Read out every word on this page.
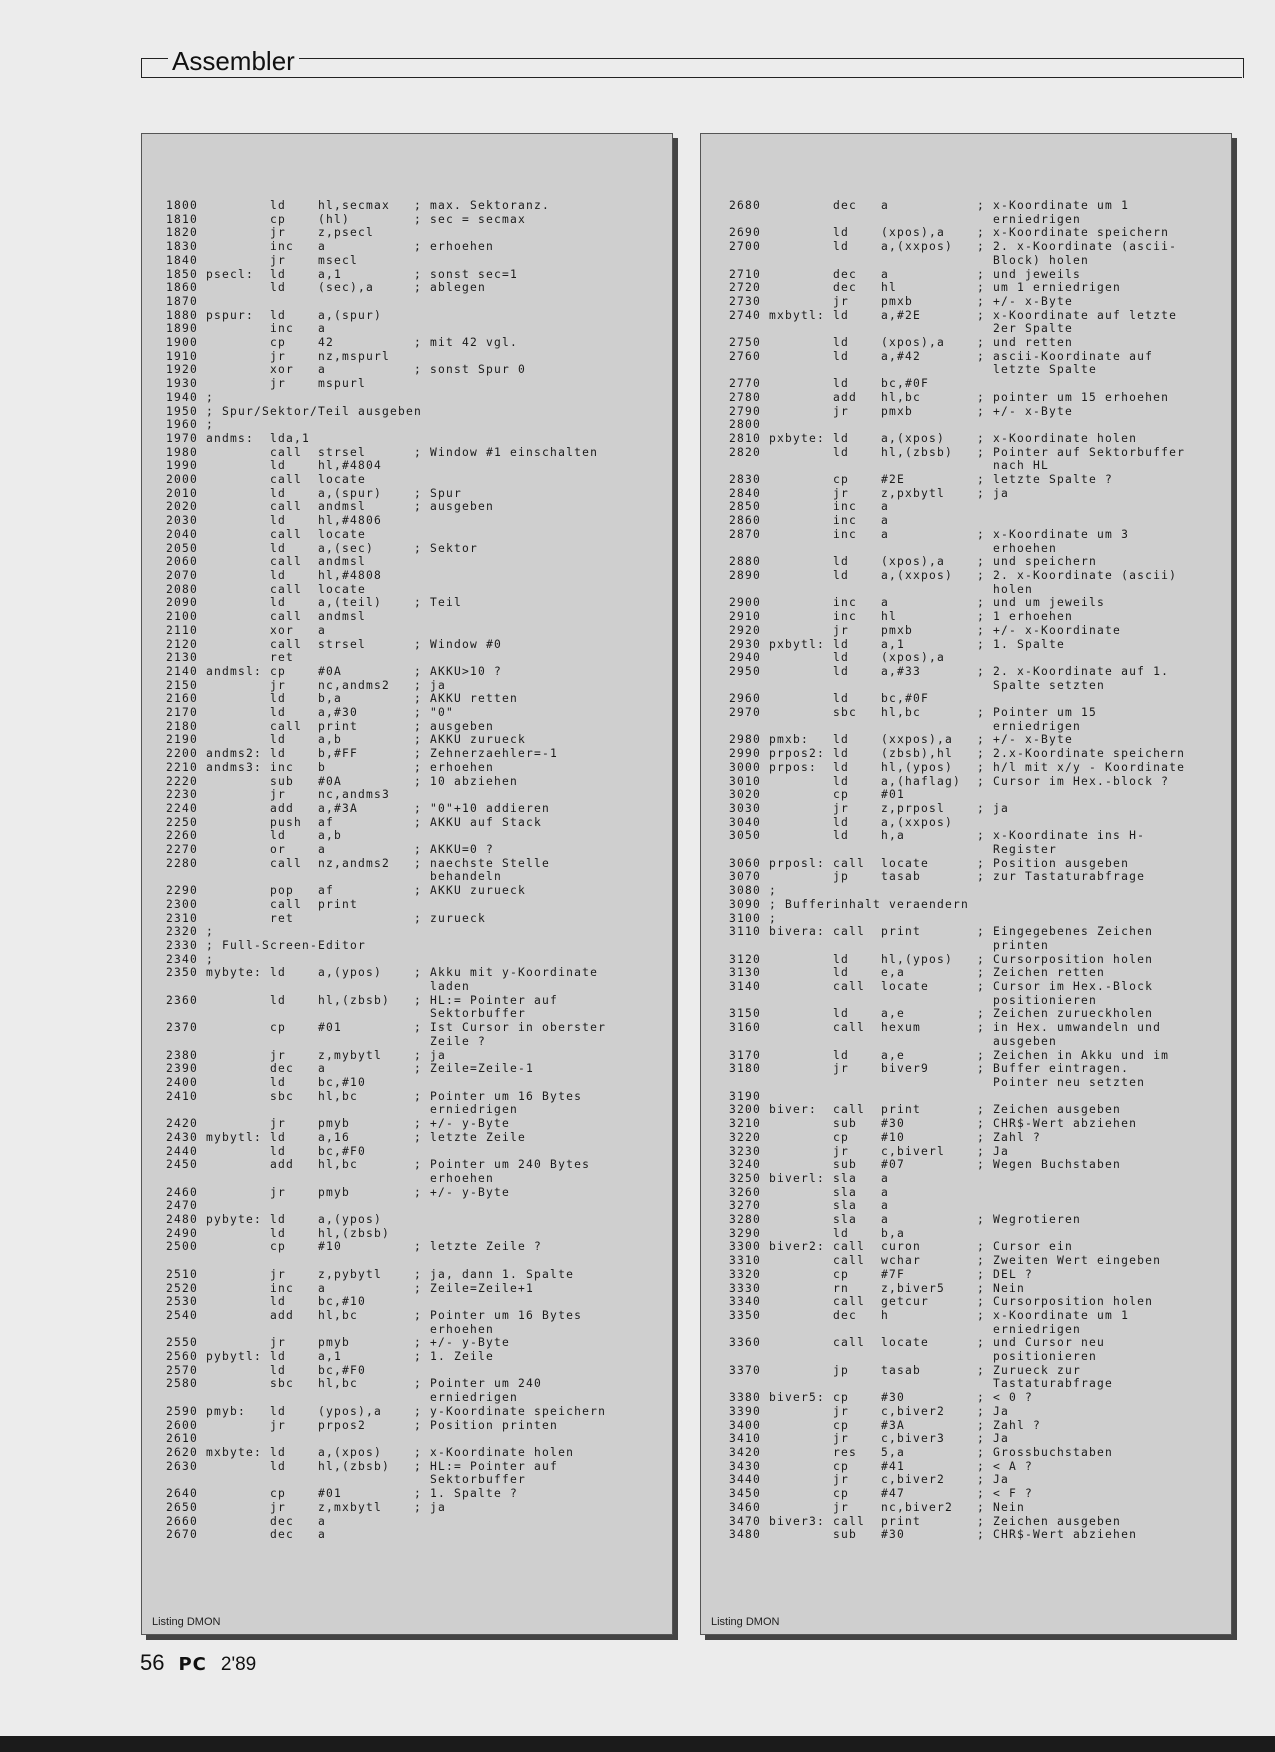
Assembler
1800         ld    hl,secmax   ; max. Sektoranz.
1810         cp    (hl)        ; sec = secmax
1820         jr    z,psecl
1830         inc   a           ; erhoehen
1840         jr    msecl
1850 psecl:  ld    a,1         ; sonst sec=1
1860         ld    (sec),a     ; ablegen
1870
1880 pspur:  ld    a,(spur)
1890         inc   a
1900         cp    42          ; mit 42 vgl.
1910         jr    nz,mspurl
1920         xor   a           ; sonst Spur 0
1930         jr    mspurl
1940 ;
1950 ; Spur/Sektor/Teil ausgeben
1960 ;
1970 andms:  lda,1
1980         call  strsel      ; Window #1 einschalten
1990         ld    hl,#4804
2000         call  locate
2010         ld    a,(spur)    ; Spur
2020         call  andmsl      ; ausgeben
2030         ld    hl,#4806
2040         call  locate
2050         ld    a,(sec)     ; Sektor
2060         call  andmsl
2070         ld    hl,#4808
2080         call  locate
2090         ld    a,(teil)    ; Teil
2100         call  andmsl
2110         xor   a
2120         call  strsel      ; Window #0
2130         ret
2140 andmsl: cp    #0A         ; AKKU>10 ?
2150         jr    nc,andms2   ; ja
2160         ld    b,a         ; AKKU retten
2170         ld    a,#30       ; "0"
2180         call  print       ; ausgeben
2190         ld    a,b         ; AKKU zurueck
2200 andms2: ld    b,#FF       ; Zehnerzaehler=-1
2210 andms3: inc   b           ; erhoehen
2220         sub   #0A         ; 10 abziehen
2230         jr    nc,andms3
2240         add   a,#3A       ; "0"+10 addieren
2250         push  af          ; AKKU auf Stack
2260         ld    a,b
2270         or    a           ; AKKU=0 ?
2280         call  nz,andms2   ; naechste Stelle
behandeln
2290         pop   af          ; AKKU zurueck
2300         call  print
2310         ret               ; zurueck
2320 ;
2330 ; Full-Screen-Editor
2340 ;
2350 mybyte: ld    a,(ypos)    ; Akku mit y-Koordinate
laden
2360         ld    hl,(zbsb)   ; HL:= Pointer auf
Sektorbuffer
2370         cp    #01         ; Ist Cursor in oberster
Zeile ?
2380         jr    z,mybytl    ; ja
2390         dec   a           ; Zeile=Zeile-1
2400         ld    bc,#10
2410         sbc   hl,bc       ; Pointer um 16 Bytes
erniedrigen
2420         jr    pmyb        ; +/- y-Byte
2430 mybytl: ld    a,16        ; letzte Zeile
2440         ld    bc,#F0
2450         add   hl,bc       ; Pointer um 240 Bytes
erhoehen
2460         jr    pmyb        ; +/- y-Byte
2470
2480 pybyte: ld    a,(ypos)
2490         ld    hl,(zbsb)
2500         cp    #10         ; letzte Zeile ?

2510         jr    z,pybytl    ; ja, dann 1. Spalte
2520         inc   a           ; Zeile=Zeile+1
2530         ld    bc,#10
2540         add   hl,bc       ; Pointer um 16 Bytes
erhoehen
2550         jr    pmyb        ; +/- y-Byte
2560 pybytl: ld    a,1         ; 1. Zeile
2570         ld    bc,#F0
2580         sbc   hl,bc       ; Pointer um 240
erniedrigen
2590 pmyb:   ld    (ypos),a    ; y-Koordinate speichern
2600         jr    prpos2      ; Position printen
2610
2620 mxbyte: ld    a,(xpos)    ; x-Koordinate holen
2630         ld    hl,(zbsb)   ; HL:= Pointer auf
Sektorbuffer
2640         cp    #01         ; 1. Spalte ?
2650         jr    z,mxbytl    ; ja
2660         dec   a
2670         dec   a
Listing DMON
2680         dec   a           ; x-Koordinate um 1
erniedrigen
2690         ld    (xpos),a    ; x-Koordinate speichern
2700         ld    a,(xxpos)   ; 2. x-Koordinate (ascii-
Block) holen
2710         dec   a           ; und jeweils
2720         dec   hl          ; um 1 erniedrigen
2730         jr    pmxb        ; +/- x-Byte
2740 mxbytl: ld    a,#2E       ; x-Koordinate auf letzte
2er Spalte
2750         ld    (xpos),a    ; und retten
2760         ld    a,#42       ; ascii-Koordinate auf
letzte Spalte
2770         ld    bc,#0F
2780         add   hl,bc       ; pointer um 15 erhoehen
2790         jr    pmxb        ; +/- x-Byte
2800
2810 pxbyte: ld    a,(xpos)    ; x-Koordinate holen
2820         ld    hl,(zbsb)   ; Pointer auf Sektorbuffer
nach HL
2830         cp    #2E         ; letzte Spalte ?
2840         jr    z,pxbytl    ; ja
2850         inc   a
2860         inc   a
2870         inc   a           ; x-Koordinate um 3
erhoehen
2880         ld    (xpos),a    ; und speichern
2890         ld    a,(xxpos)   ; 2. x-Koordinate (ascii)
holen
2900         inc   a           ; und um jeweils
2910         inc   hl          ; 1 erhoehen
2920         jr    pmxb        ; +/- x-Koordinate
2930 pxbytl: ld    a,1         ; 1. Spalte
2940         ld    (xpos),a
2950         ld    a,#33       ; 2. x-Koordinate auf 1.
Spalte setzten
2960         ld    bc,#0F
2970         sbc   hl,bc       ; Pointer um 15
erniedrigen
2980 pmxb:   ld    (xxpos),a   ; +/- x-Byte
2990 prpos2: ld    (zbsb),hl   ; 2.x-Koordinate speichern
3000 prpos:  ld    hl,(ypos)   ; h/l mit x/y - Koordinate
3010         ld    a,(haflag)  ; Cursor im Hex.-block ?
3020         cp    #01
3030         jr    z,prposl    ; ja
3040         ld    a,(xxpos)
3050         ld    h,a         ; x-Koordinate ins H-
Register
3060 prposl: call  locate      ; Position ausgeben
3070         jp    tasab       ; zur Tastaturabfrage
3080 ;
3090 ; Bufferinhalt veraendern
3100 ;
3110 bivera: call  print       ; Eingegebenes Zeichen
printen
3120         ld    hl,(ypos)   ; Cursorposition holen
3130         ld    e,a         ; Zeichen retten
3140         call  locate      ; Cursor im Hex.-Block
positionieren
3150         ld    a,e         ; Zeichen zurueckholen
3160         call  hexum       ; in Hex. umwandeln und
ausgeben
3170         ld    a,e         ; Zeichen in Akku und im
3180         jr    biver9      ; Buffer eintragen.
Pointer neu setzten
3190
3200 biver:  call  print       ; Zeichen ausgeben
3210         sub   #30         ; CHR$-Wert abziehen
3220         cp    #10         ; Zahl ?
3230         jr    c,biverl    ; Ja
3240         sub   #07         ; Wegen Buchstaben
3250 biverl: sla   a
3260         sla   a
3270         sla   a
3280         sla   a           ; Wegrotieren
3290         ld    b,a
3300 biver2: call  curon       ; Cursor ein
3310         call  wchar       ; Zweiten Wert eingeben
3320         cp    #7F         ; DEL ?
3330         rn    z,biver5    ; Nein
3340         call  getcur      ; Cursorposition holen
3350         dec   h           ; x-Koordinate um 1
erniedrigen
3360         call  locate      ; und Cursor neu
positionieren
3370         jp    tasab       ; Zurueck zur
Tastaturabfrage
3380 biver5: cp    #30         ; < 0 ?
3390         jr    c,biver2    ; Ja
3400         cp    #3A         ; Zahl ?
3410         jr    c,biver3    ; Ja
3420         res   5,a         ; Grossbuchstaben
3430         cp    #41         ; < A ?
3440         jr    c,biver2    ; Ja
3450         cp    #47         ; < F ?
3460         jr    nc,biver2   ; Nein
3470 biver3: call  print       ; Zeichen ausgeben
3480         sub   #30         ; CHR$-Wert abziehen
Listing DMON
56 PC 2'89
